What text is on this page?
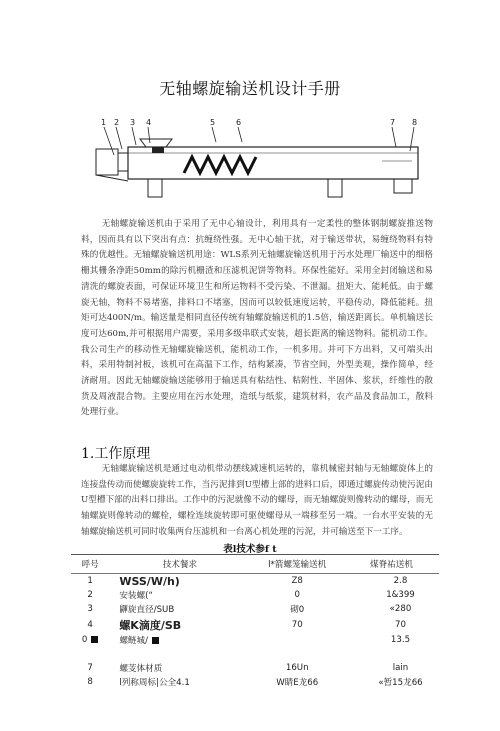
无轴螺旋输送机设计手册
1 2 3 4	5	6	7 8

无轴螺旋输送机由于采用了无中心轴设计，利用具有一定柔性的整体钢制螺旋推送物料，因而具有以下突出有点：抗缠绕性强。无中心轴干扰，对于输送带状，易缠绕物料有特殊的优越性。无轴螺旋输送机用途：WLS系列无轴螺旋输送机用于污水处理厂输送中的细格栅其栅条净距50mm的除污机栅渣和压滤机泥饼等物料。环保性能好。采用全封闭输送和易清洗的螺旋表面，可保证环境卫生和所运物料不受污染、不泄漏。扭矩大、能耗低。由于螺旋无轴，物料不易堵塞，排料口不堵塞，因而可以较低速度运转，平稳传动，降低能耗。扭矩可达400N/m。输送量是相同直径传统有轴螺旋输送机的1.5倍，输送距离长。单机输送长度可达60m,并可根据用户需要，采用多级串联式安装，超长距离的输送物料。能机动工作。我公司生产的移动性无轴螺旋输送机，能机动工作，一机多用。并可下方出料，又可端头出料，采用特制衬板，该机可在高温下工作，结构紧凑，节省空间，外型美观，操作简单，经济耐用。因此无轴螺旋输送能够用于输送具有粘结性、粘附性、半固体、浆状，纤维性的散货及周液混合物。主要应用在污水处理，造纸与纸浆，建筑材料，农产品及食品加工，散料处理行业。

1.工作原理

无轴螺旋输送机是通过电动机带动摆线减速机运转的，靠机械密封轴与无轴螺旋体上的连接盘传动而使螺旋旋转工作，当污泥排到U型槽上部的进料口后，即通过螺旋传动使污泥由U型槽下部的出料口排出。工作中的污泥就像不动的螺母，而无轴螺旋则像转动的螺母，而无轴螺旋则像转动的螺栓，螺栓连续旋转即可驱使螺母从一端移至另一端。一台水平安装的无轴螺旋输送机可同时收集两台压滤机和一台离心机处理的污泥，并可输送至下一工序。

表l技术参f t
呼号	技术餐求	l*箭螺笼输送机	煤脊祐送机
1	WSS/W/h)	Z8	2.8
2	安装螺(“	0	1&399
3	鼲旋直径/SUB	砌0	«280
4	螺K滴度/SB	70	70
0	螺鲢城/		13.5

7	螺芰体材质	16Un	lain
8	l列称周标|公全4.1	W睛E龙66	«暂15龙66
